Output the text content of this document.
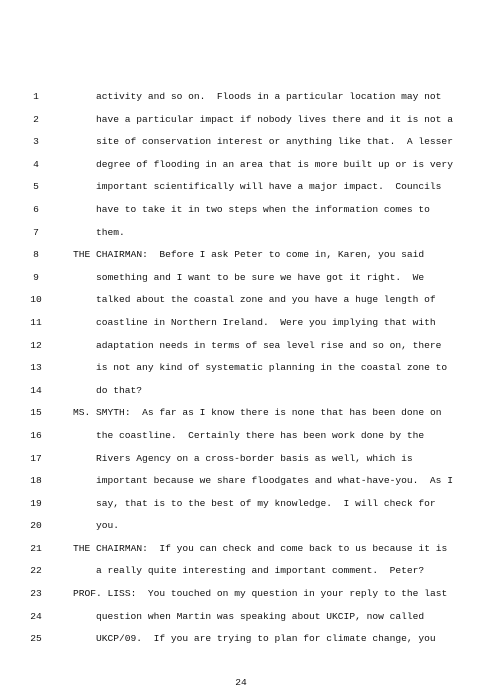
1	activity and so on.  Floods in a particular location may not
2	have a particular impact if nobody lives there and it is not a
3	site of conservation interest or anything like that.  A lesser
4	degree of flooding in an area that is more built up or is very
5	important scientifically will have a major impact.  Councils
6	have to take it in two steps when the information comes to
7	them.
8	THE CHAIRMAN:  Before I ask Peter to come in, Karen, you said
9	something and I want to be sure we have got it right.  We
10	talked about the coastal zone and you have a huge length of
11	coastline in Northern Ireland.  Were you implying that with
12	adaptation needs in terms of sea level rise and so on, there
13	is not any kind of systematic planning in the coastal zone to
14	do that?
15	MS. SMYTH:  As far as I know there is none that has been done on
16	the coastline.  Certainly there has been work done by the
17	Rivers Agency on a cross-border basis as well, which is
18	important because we share floodgates and what-have-you.  As I
19	say, that is to the best of my knowledge.  I will check for
20	you.
21	THE CHAIRMAN:  If you can check and come back to us because it is
22	a really quite interesting and important comment.  Peter?
23	PROF. LISS:  You touched on my question in your reply to the last
24	question when Martin was speaking about UKCIP, now called
25	UKCP/09.  If you are trying to plan for climate change, you
24
